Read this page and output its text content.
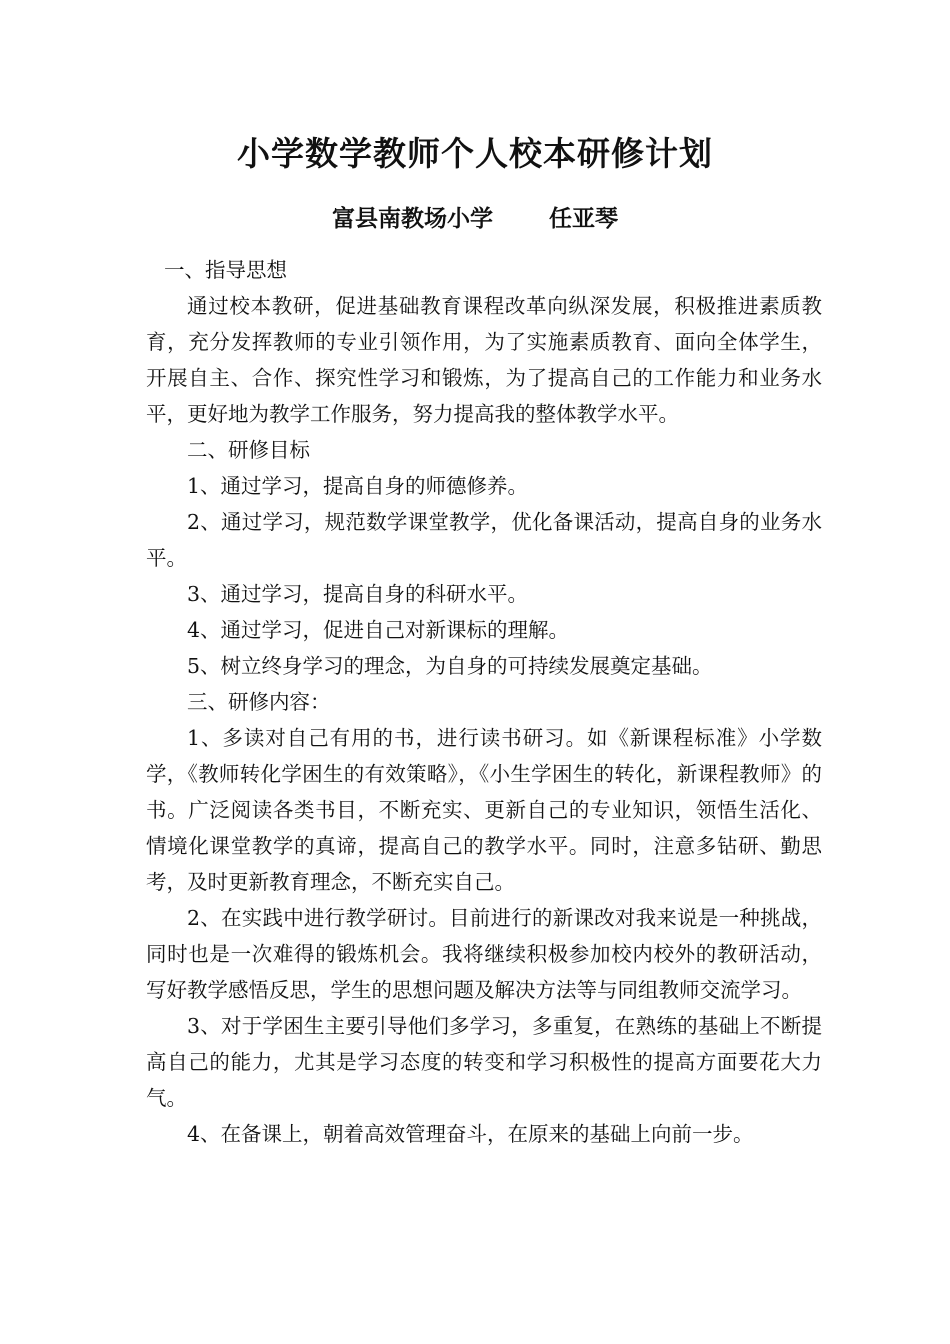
小学数学教师个人校本研修计划
富县南教场小学       任亚琴

一、指导思想

通过校本教研，促进基础教育课程改革向纵深发展，积极推进素质教育，充分发挥教师的专业引领作用，为了实施素质教育、面向全体学生，开展自主、合作、探究性学习和锻炼，为了提高自己的工作能力和业务水平，更好地为教学工作服务，努力提高我的整体教学水平。

二、研修目标

1、通过学习，提高自身的师德修养。

2、通过学习，规范数学课堂教学，优化备课活动，提高自身的业务水平。

3、通过学习，提高自身的科研水平。

4、通过学习，促进自己对新课标的理解。

5、树立终身学习的理念，为自身的可持续发展奠定基础。

三、研修内容：

1、多读对自己有用的书，进行读书研习。如《新课程标准》小学数学，《教师转化学困生的有效策略》，《小生学困生的转化，新课程教师》的书。广泛阅读各类书目，不断充实、更新自己的专业知识，领悟生活化、情境化课堂教学的真谛，提高自己的教学水平。同时，注意多钻研、勤思考，及时更新教育理念，不断充实自己。

2、在实践中进行教学研讨。目前进行的新课改对我来说是一种挑战，同时也是一次难得的锻炼机会。我将继续积极参加校内校外的教研活动，写好教学感悟反思，学生的思想问题及解决方法等与同组教师交流学习。

3、对于学困生主要引导他们多学习，多重复，在熟练的基础上不断提高自己的能力，尤其是学习态度的转变和学习积极性的提高方面要花大力气。

4、在备课上，朝着高效管理奋斗，在原来的基础上向前一步。
